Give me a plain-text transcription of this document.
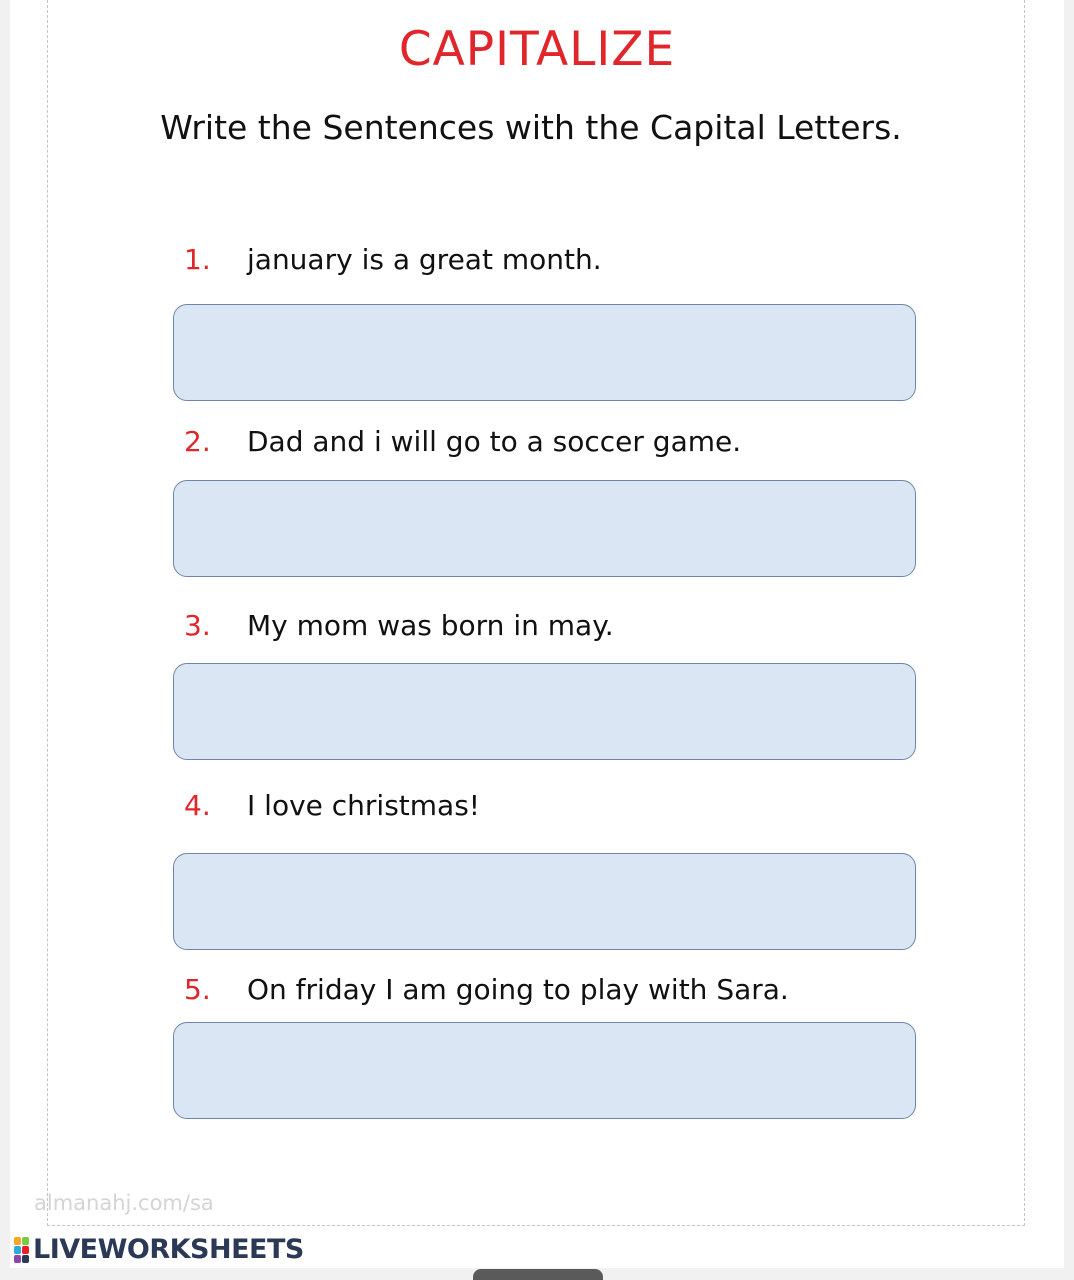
CAPITALIZE
Write the Sentences with the Capital Letters.
1. january is a great month.
2. Dad and i will go to a soccer game.
3. My mom was born in may.
4. I love christmas!
5. On friday I am going to play with Sara.
almanahj.com/sa
LIVEWORKSHEETS
